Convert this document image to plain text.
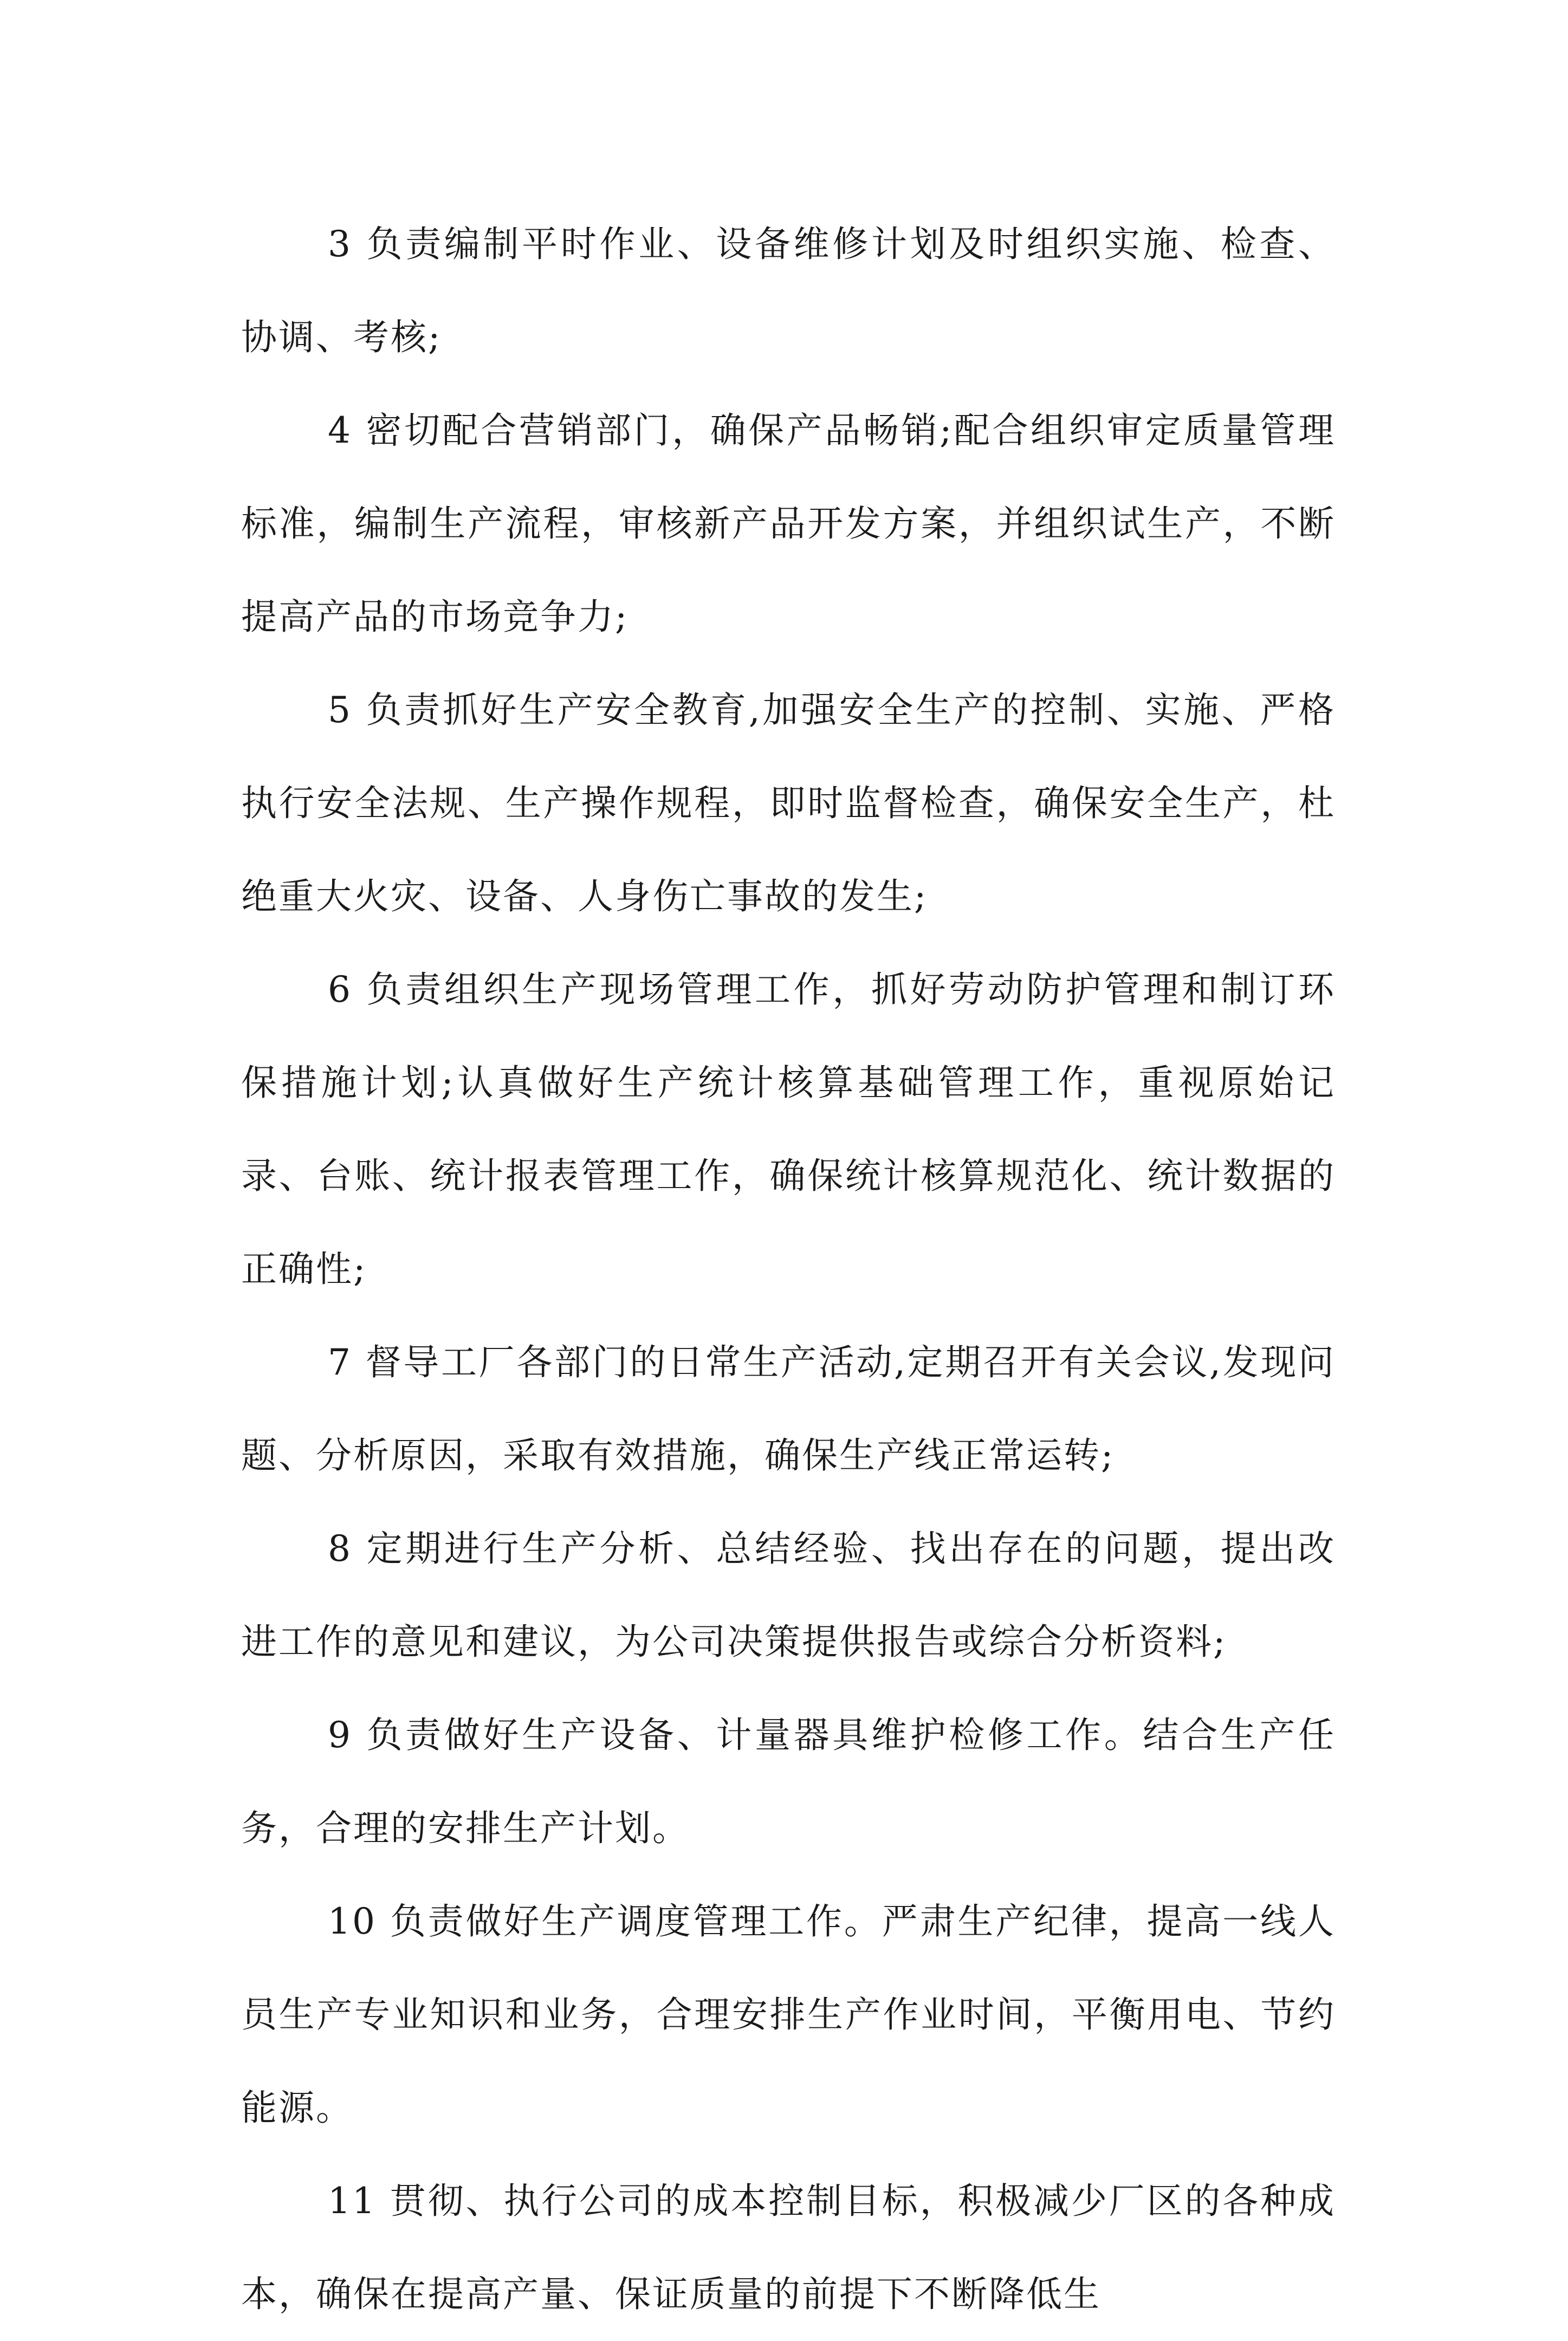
3 负责编制平时作业、设备维修计划及时组织实施、检查、协调、考核;

4 密切配合营销部门，确保产品畅销;配合组织审定质量管理标准，编制生产流程，审核新产品开发方案，并组织试生产，不断提高产品的市场竞争力;

5 负责抓好生产安全教育,加强安全生产的控制、实施、严格执行安全法规、生产操作规程，即时监督检查，确保安全生产，杜绝重大火灾、设备、人身伤亡事故的发生;

6 负责组织生产现场管理工作，抓好劳动防护管理和制订环保措施计划;认真做好生产统计核算基础管理工作，重视原始记录、台账、统计报表管理工作，确保统计核算规范化、统计数据的正确性;

7 督导工厂各部门的日常生产活动,定期召开有关会议,发现问题、分析原因，采取有效措施，确保生产线正常运转;

8 定期进行生产分析、总结经验、找出存在的问题，提出改进工作的意见和建议，为公司决策提供报告或综合分析资料;

9 负责做好生产设备、计量器具维护检修工作。结合生产任务，合理的安排生产计划。

10 负责做好生产调度管理工作。严肃生产纪律，提高一线人员生产专业知识和业务，合理安排生产作业时间，平衡用电、节约能源。

11 贯彻、执行公司的成本控制目标，积极减少厂区的各种成本，确保在提高产量、保证质量的前提下不断降低生
